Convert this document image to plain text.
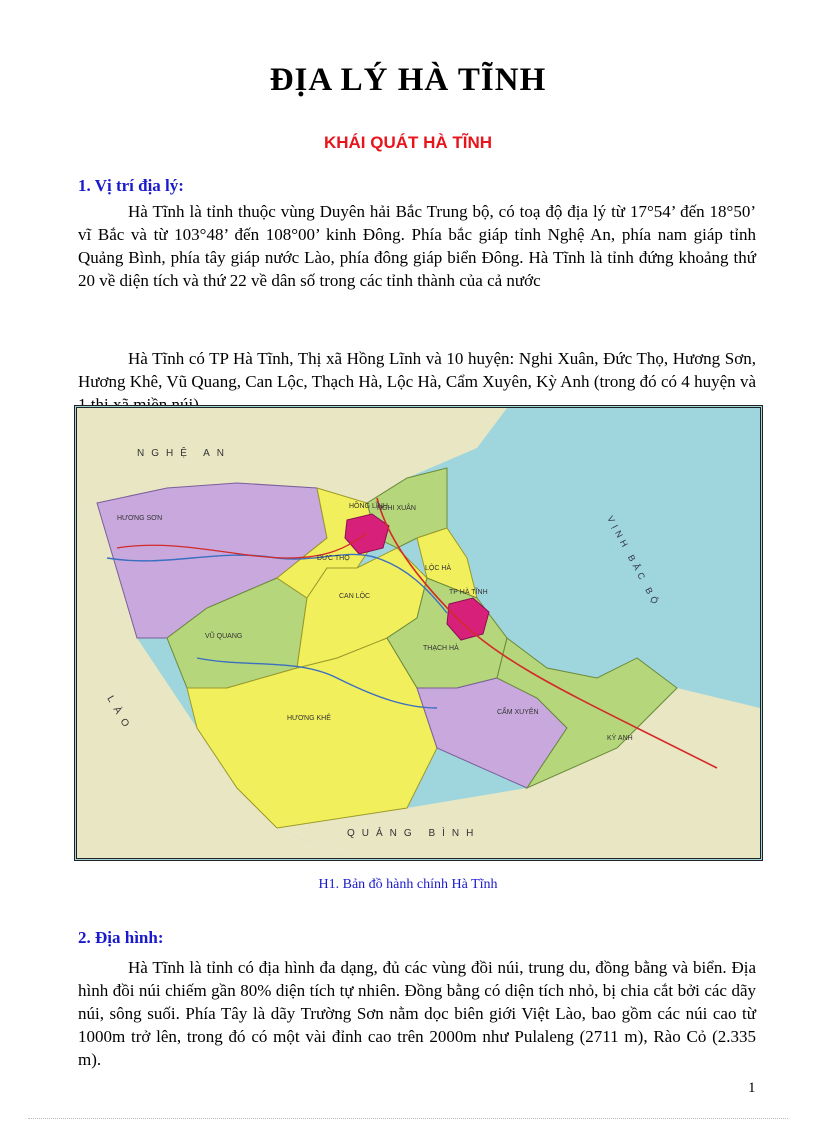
ĐỊA LÝ HÀ TĨNH
KHÁI QUÁT HÀ TĨNH
1. Vị trí địa lý:

Hà Tĩnh là tỉnh thuộc vùng Duyên hải Bắc Trung bộ, có toạ độ địa lý từ 17°54’ đến 18°50’ vĩ Bắc và từ 103°48’ đến 108°00’ kinh Đông. Phía bắc giáp tỉnh Nghệ An, phía nam giáp tỉnh Quảng Bình, phía tây giáp nước Lào, phía đông giáp biển Đông. Hà Tĩnh là tỉnh đứng khoảng thứ 20 về diện tích và thứ 22 về dân số trong các tỉnh thành của cả nước

Hà Tĩnh có TP Hà Tĩnh, Thị xã Hồng Lĩnh và 10 huyện: Nghi Xuân, Đức Thọ, Hương Sơn, Hương Khê, Vũ Quang, Can Lộc, Thạch Hà, Lộc Hà, Cẩm Xuyên, Kỳ Anh (trong đó có 4 huyện và

NGHỆ AN
QUẢNG BÌNH
LÀO
VỊNH BẮC BỘ
HƯƠNG SƠN
VŨ QUANG
HƯƠNG KHÊ
ĐỨC THỌ
CAN LỘC
NGHI XUÂN
LỘC HÀ
THẠCH HÀ
CẨM XUYÊN
KỲ ANH
HỒNG LĨNH
TP HÀ TĨNH

H1. Bản đồ hành chính Hà Tĩnh

2. Địa hình:

Hà Tĩnh là tỉnh có địa hình đa dạng, đủ các vùng đồi núi, trung du, đồng bằng và biển. Địa hình đồi núi chiếm gần 80% diện tích tự nhiên. Đồng bằng có diện tích nhỏ, bị chia cắt bởi các dãy núi, sông suối. Phía Tây là dãy Trường Sơn nằm dọc biên giới Việt Lào, bao gồm các núi cao từ 1000m trở lên, trong đó có một vài đỉnh cao trên 2000m như Pulaleng (2711 m), Rào Cỏ (2.335 m).

1
